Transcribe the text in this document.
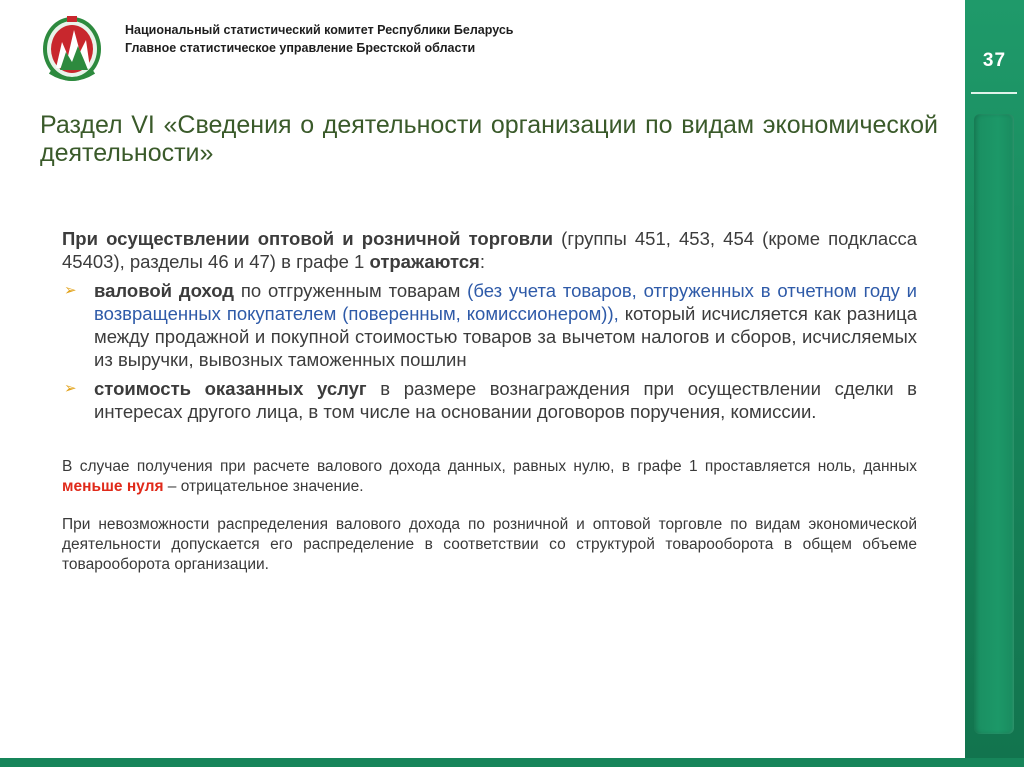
Национальный статистический комитет Республики Беларусь
Главное статистическое управление Брестской области
37
Раздел VI «Сведения о деятельности организации по видам экономической деятельности»

При осуществлении оптовой и розничной торговли (группы 451, 453, 454 (кроме подкласса 45403), разделы 46 и 47) в графе 1 отражаются:

➢ валовой доход по отгруженным товарам (без учета товаров, отгруженных в отчетном году и возвращенных покупателем (поверенным, комиссионером)), который исчисляется как разница между продажной и покупной стоимостью товаров за вычетом налогов и сборов, исчисляемых из выручки, вывозных таможенных пошлин
➢ стоимость оказанных услуг в размере вознаграждения при осуществлении сделки в интересах другого лица, в том числе на основании договоров поручения, комиссии.

В случае получения при расчете валового дохода данных, равных нулю, в графе 1 проставляется ноль, данных меньше нуля – отрицательное значение.

При невозможности распределения валового дохода по розничной и оптовой торговле по видам экономической деятельности допускается его распределение в соответствии со структурой товарооборота в общем объеме товарооборота организации.
